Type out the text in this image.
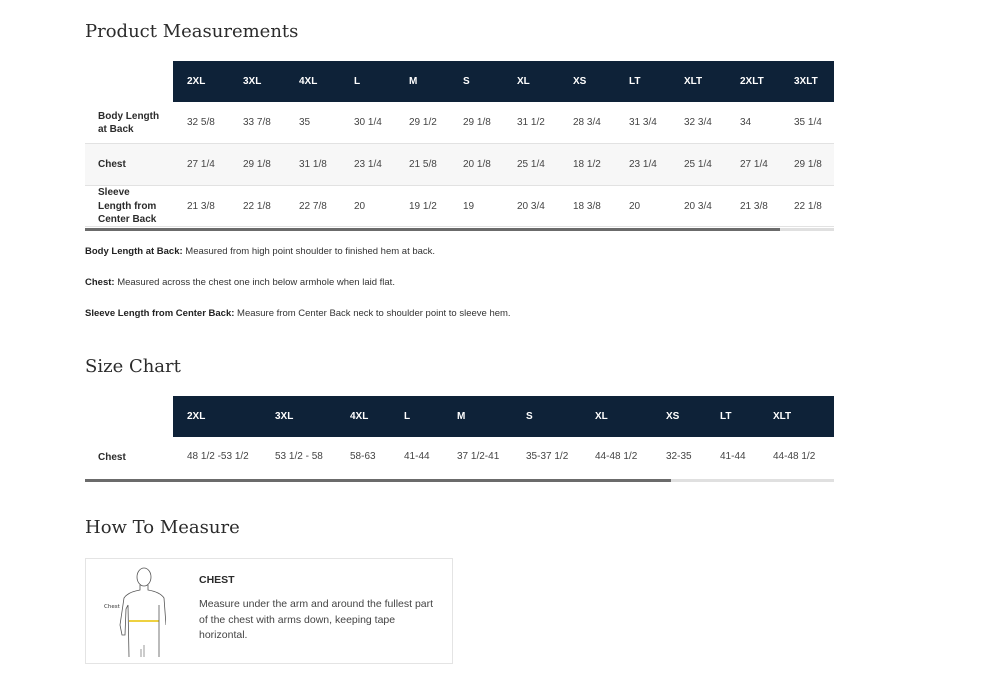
Product Measurements
2XL	3XL	4XL	L	M	S	XL	XS	LT	XLT	2XLT	3XLT
Body Length
at Back
32 5/8	33 7/8	35	30 1/4	29 1/2	29 1/8	31 1/2	28 3/4	31 3/4	32 3/4	34	35 1/4
Chest	27 1/4	29 1/8	31 1/8	23 1/4	21 5/8	20 1/8	25 1/4	18 1/2	23 1/4	25 1/4	27 1/4	29 1/8
Sleeve
Length from
Center Back
21 3/8	22 1/8	22 7/8	20	19 1/2	19	20 3/4	18 3/8	20	20 3/4	21 3/8	22 1/8
Body Length at Back: Measured from high point shoulder to finished hem at back.
Chest: Measured across the chest one inch below armhole when laid flat.
Sleeve Length from Center Back: Measure from Center Back neck to shoulder point to sleeve hem.
Size Chart
2XL	3XL	4XL	L	M	S	XL	XS	LT	XLT
Chest	48 1/2 -53 1/2	53 1/2 - 58	58-63	41-44	37 1/2-41	35-37 1/2	44-48 1/2	32-35	41-44	44-48 1/2
How To Measure
Chest
CHEST
Measure under the arm and around the fullest part of the chest with arms down, keeping tape horizontal.
